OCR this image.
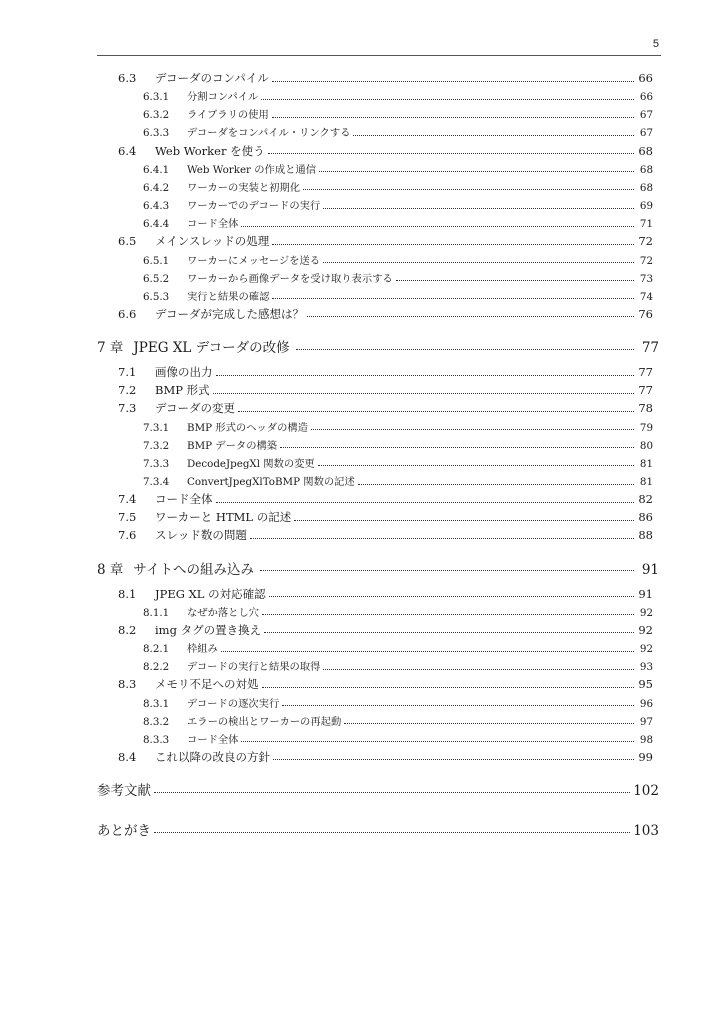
5
6.3	デコーダのコンパイル	66
6.3.1	分割コンパイル	66
6.3.2	ライブラリの使用	67
6.3.3	デコーダをコンパイル・リンクする	67
6.4	Web Worker を使う	68
6.4.1	Web Worker の作成と通信	68
6.4.2	ワーカーの実装と初期化	68
6.4.3	ワーカーでのデコードの実行	69
6.4.4	コード全体	71
6.5	メインスレッドの処理	72
6.5.1	ワーカーにメッセージを送る	72
6.5.2	ワーカーから画像データを受け取り表示する	73
6.5.3	実行と結果の確認	74
6.6	デコーダが完成した感想は？	76
7 章 JPEG XL デコーダの改修	77
7.1	画像の出力	77
7.2	BMP 形式	77
7.3	デコーダの変更	78
7.3.1	BMP 形式のヘッダの構造	79
7.3.2	BMP データの構築	80
7.3.3	DecodeJpegXl 関数の変更	81
7.3.4	ConvertJpegXlToBMP 関数の記述	81
7.4	コード全体	82
7.5	ワーカーと HTML の記述	86
7.6	スレッド数の問題	88
8 章 サイトへの組み込み	91
8.1	JPEG XL の対応確認	91
8.1.1	なぜか落とし穴	92
8.2	img タグの置き換え	92
8.2.1	枠組み	92
8.2.2	デコードの実行と結果の取得	93
8.3	メモリ不足への対処	95
8.3.1	デコードの逐次実行	96
8.3.2	エラーの検出とワーカーの再起動	97
8.3.3	コード全体	98
8.4	これ以降の改良の方針	99
参考文献	102
あとがき	103
